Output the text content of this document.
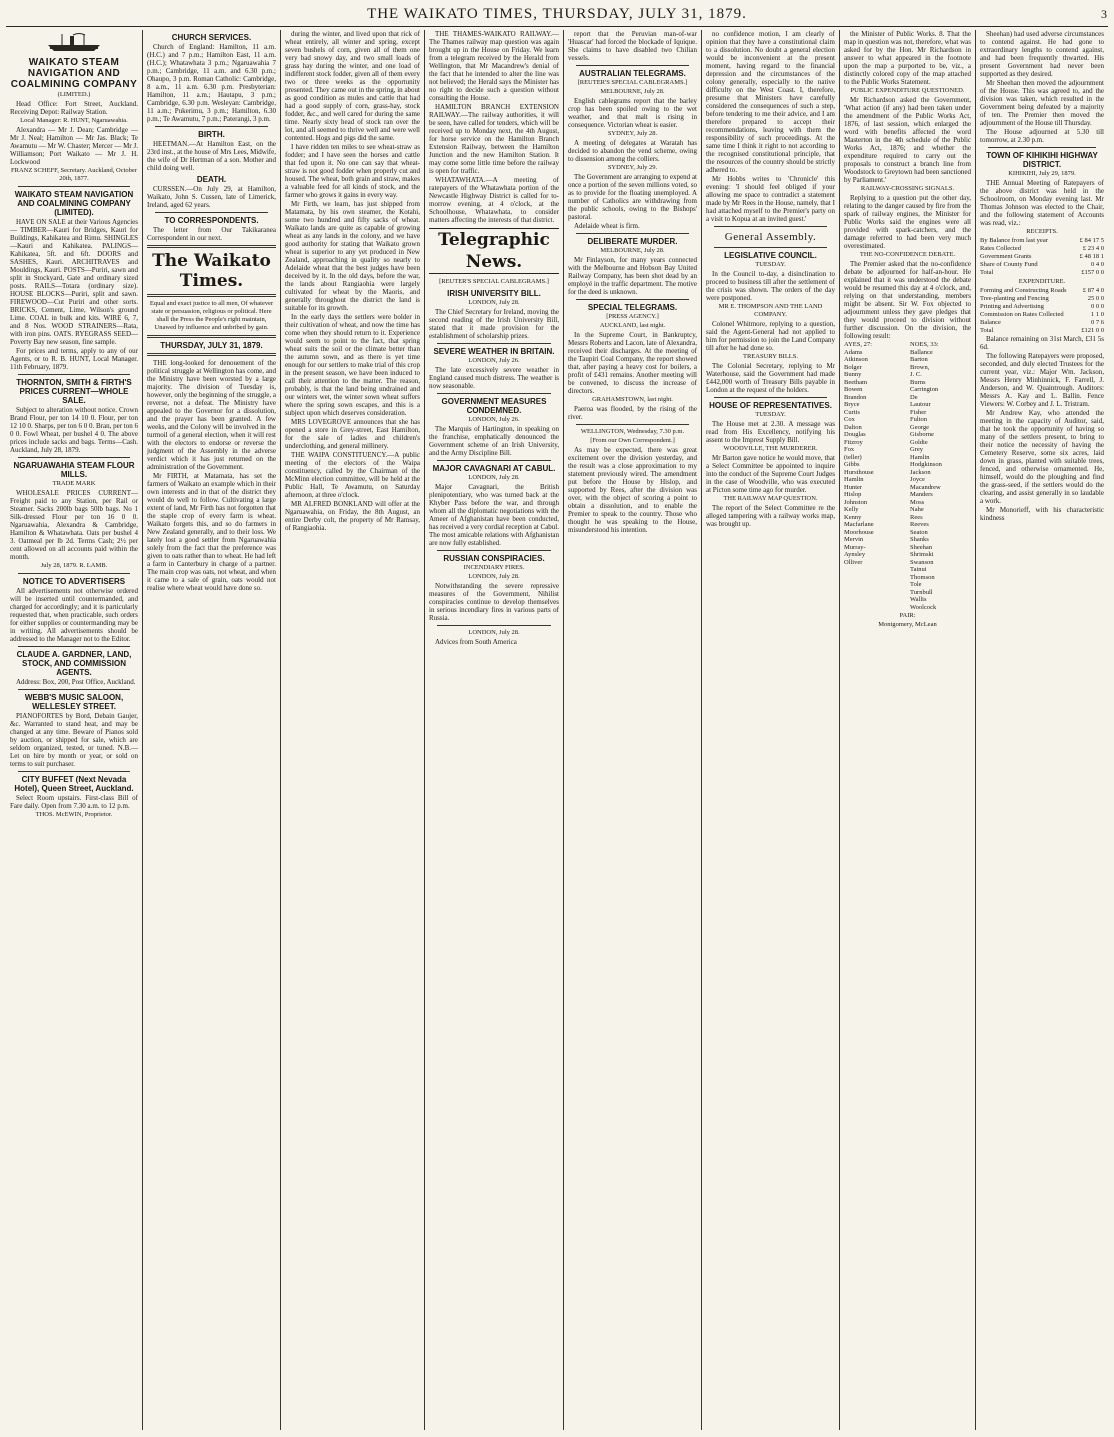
THE WAIKATO TIMES, THURSDAY, JULY 31, 1879.	3
WAIKATO STEAM NAVIGATION AND COALMINING COMPANY
(LIMITED.)

Head Office: Fort Street, Auckland. Receiving Depot: Railway Station.

Local Manager: R. HUNT, Ngaruawahia.

Alexandra — Mr J. Dean; Cambridge — Mr J. Neal; Hamilton — Mr Jas. Black; Te Awamutu — Mr W. Chaster; Mercer — Mr J. Williamson; Port Waikato — Mr J. H. Lockwood

FRANZ SCHEFF, Secretary. Auckland, October 20th, 1877.

WAIKATO STEAM NAVIGATION AND COALMINING COMPANY (LIMITED).

HAVE ON SALE at their Various Agencies— TIMBER—Kauri for Bridges, Kauri for Buildings, Kahikatea and Rimu. SHINGLES—Kauri and Kahikatea. PALINGS—Kahikatea, 5ft. and 6ft. DOORS and SASHES, Kauri. ARCHITRAVES and Mouldings, Kauri. POSTS—Puriri, sawn and split in Stockyard, Gate and ordinary sized posts. RAILS—Totara (ordinary size). HOUSE BLOCKS—Puriri, split and sawn. FIREWOOD—Cut Puriri and other sorts. BRICKS, Cement, Lime, Wilson's ground Lime. COAL in bulk and kits. WIRE 6, 7, and 8 Nos. WOOD STRAINERS—Rata, with iron pins. OATS. RYEGRASS SEED—Poverty Bay new season, fine sample.

For prices and terms, apply to any of our Agents, or to R. B. HUNT, Local Manager. 11th February, 1879.

THORNTON, SMITH & FIRTH'S PRICES CURRENT—WHOLE SALE.

Subject to alteration without notice. Crown Brand Flour, per ton 14 10 0. Flour, per ton 12 10 0. Sharps, per ton 6 0 0. Bran, per ton 6 0 0. Fowl Wheat, per bushel 4 0. The above prices include sacks and bags. Terms—Cash. Auckland, July 28, 1879.

NGARUAWAHIA STEAM FLOUR MILLS.
TRADE MARK

WHOLESALE PRICES CURRENT— Freight paid to any Station, per Rail or Steamer. Sacks 200lb bags 50lb bags. No 1 Silk-dressed Flour per ton 16 0 0. Ngaruawahia, Alexandra & Cambridge, Hamilton & Whatawhata. Oats per bushel 4 3. Oatmeal per lb 2d. Terms Cash; 2½ per cent allowed on all accounts paid within the month.

July 28, 1879. R. LAMB.

NOTICE TO ADVERTISERS

All advertisements not otherwise ordered will be inserted until countermanded, and charged for accordingly; and it is particularly requested that, when practicable, such orders for either supplies or countermanding may be in writing. All advertisements should be addressed to the Manager not to the Editor.

CLAUDE A. GARDNER, LAND, STOCK, AND COMMISSION AGENTS.

Address: Box, 200, Post Office, Auckland.

WEBB'S MUSIC SALOON, WELLESLEY STREET.

PIANOFORTES by Bord, Debain Gaujer, &c. Warranted to stand heat, and may be changed at any time. Beware of Pianos sold by auction, or shipped for sale, which are seldom organized, tested, or tuned. N.B.—Let on hire by month or year, or sold on terms to suit purchaser.

CITY BUFFET (Next Nevada Hotel), Queen Street, Auckland.

Select Room upstairs. First-class Bill of Fare daily. Open from 7.30 a.m. to 12 p.m.

THOS. McEWIN, Proprietor.

CHURCH SERVICES.

Church of England: Hamilton, 11 a.m. (H.C.) and 7 p.m.; Hamilton East, 11 a.m. (H.C.); Whatawhata 3 p.m.; Ngaruawahia 7 p.m.; Cambridge, 11 a.m. and 6.30 p.m.; Ohaupo, 3 p.m. Roman Catholic: Cambridge, 8 a.m., 11 a.m. 6.30 p.m. Presbyterian: Hamilton, 11 a.m.; Hautapu, 3 p.m.; Cambridge, 6.30 p.m. Wesleyan: Cambridge, 11 a.m.; Pukerimu, 3 p.m.; Hamilton, 6.30 p.m.; Te Awamutu, 7 p.m.; Paterangi, 3 p.m.

BIRTH.

HEETMAN.—At Hamilton East, on the 23rd inst., at the house of Mrs Lees, Midwife, the wife of Dr Hertman of a son. Mother and child doing well.

DEATH.

CURSSEN.—On July 29, at Hamilton, Waikato, John S. Cussen, late of Limerick, Ireland, aged 62 years.

TO CORRESPONDENTS.

The letter from Our Takikaranea Correspondent in our next.

The Waikato Times.

Equal and exact justice to all men, Of whatever state or persuasion, religious or political. Here shall the Press the People's right maintain, Unawed by influence and unbribed by gain.

THURSDAY, JULY 31, 1879.

THE long-looked for denouement of the political struggle at Wellington has come, and the Ministry have been worsted by a large majority. The division of Tuesday is, however, only the beginning of the struggle, a reverse, not a defeat. The Ministry have appealed to the Governor for a dissolution, and the prayer has been granted. A few weeks, and the Colony will be involved in the turmoil of a general election, when it will rest with the electors to endorse or reverse the judgment of the Assembly in the adverse verdict which it has just returned on the administration of the Government.

Mr FIRTH, at Matamata, has set the farmers of Waikato an example which in their own interests and in that of the district they would do well to follow. Cultivating a large extent of land, Mr Firth has not forgotten that the staple crop of every farm is wheat. Waikato forgets this, and so do farmers in New Zealand generally, and to their loss. We lately lost a good settler from Ngaruawahia solely from the fact that the preference was given to oats rather than to wheat. He had left a farm in Canterbury in charge of a partner. The main crop was oats, not wheat, and when it came to a sale of grain, oats would not realise where wheat would have done so.

during the winter, and lived upon that rick of wheat entirely, all winter and spring, except seven bushels of corn, given all of them one very bad snowy day, and two small loads of grass hay during the winter, and one load of indifferent stock fodder, given all of them every two or three weeks as the opportunity presented. They came out in the spring, in about as good condition as mules and cattle that had had a good supply of corn, grass-hay, stock fodder, &c., and well cared for during the same time. Nearly sixty head of stock ran over the lot, and all seemed to thrive well and were well contented. Hogs and pigs did the same.

I have ridden ten miles to see wheat-straw as fodder; and I have seen the horses and cattle that fed upon it. No one can say that wheat-straw is not good fodder when properly cut and housed. The wheat, both grain and straw, makes a valuable feed for all kinds of stock, and the farmer who grows it gains in every way.

Mr Firth, we learn, has just shipped from Matamata, by his own steamer, the Kotahi, some two hundred and fifty sacks of wheat. Waikato lands are quite as capable of growing wheat as any lands in the colony, and we have good authority for stating that Waikato grown wheat is superior to any yet produced in New Zealand, approaching in quality so nearly to Adelaide wheat that the best judges have been deceived by it. In the old days, before the war, the lands about Rangiaohia were largely cultivated for wheat by the Maoris, and generally throughout the district the land is suitable for its growth.

In the early days the settlers were bolder in their cultivation of wheat, and now the time has come when they should return to it. Experience would seem to point to the fact, that spring wheat suits the soil or the climate better than the autumn sown, and as there is yet time enough for our settlers to make trial of this crop in the present season, we have been induced to call their attention to the matter. The reason, probably, is that the land being undrained and our winters wet, the winter sown wheat suffers where the spring sown escapes, and this is a subject upon which deserves consideration.

MRS LOVEGROVE announces that she has opened a store in Grey-street, East Hamilton, for the sale of ladies and children's underclothing, and general millinery.

THE WAIPA CONSTITUENCY.—A public meeting of the electors of the Waipa constituency, called by the Chairman of the McMinn election committee, will be held at the Public Hall, Te Awamutu, on Saturday afternoon, at three o'clock.

MR ALFRED BONKLAND will offer at the Ngaruawahia, on Friday, the 8th August, an entire Derby colt, the property of Mr Ramsay, of Rangiaohia.

THE THAMES-WAIKATO RAILWAY.—The Thames railway map question was again brought up in the House on Friday. We learn from a telegram received by the Herald from Wellington, that Mr Macandrew's denial of the fact that he intended to alter the line was not believed; the Herald says the Minister has no right to decide such a question without consulting the House.

HAMILTON BRANCH EXTENSION RAILWAY.—The railway authorities, it will be seen, have called for tenders, which will be received up to Monday next, the 4th August, for horse service on the Hamilton Branch Extension Railway, between the Hamilton Junction and the new Hamilton Station. It may come some little time before the railway is open for traffic.

WHATAWHATA.—A meeting of ratepayers of the Whatawhata portion of the Newcastle Highway District is called for to-morrow evening, at 4 o'clock, at the Schoolhouse, Whatawhata, to consider matters affecting the interests of that district.

Telegraphic News.
[REUTER'S SPECIAL CABLEGRAMS.]
IRISH UNIVERSITY BILL.
LONDON, July 28.

The Chief Secretary for Ireland, moving the second reading of the Irish University Bill, stated that it made provision for the establishment of scholarship prizes.

SEVERE WEATHER IN BRITAIN.
LONDON, July 26.

The late excessively severe weather in England caused much distress. The weather is now seasonable.

GOVERNMENT MEASURES CONDEMNED.
LONDON, July 26.

The Marquis of Hartington, in speaking on the franchise, emphatically denounced the Government scheme of an Irish University, and the Army Discipline Bill.

MAJOR CAVAGNARI AT CABUL.
LONDON, July 28.

Major Cavagnari, the British plenipotentiary, who was turned back at the Khyber Pass before the war, and through whom all the diplomatic negotiations with the Ameer of Afghanistan have been conducted, has received a very cordial reception at Cabul. The most amicable relations with Afghanistan are now fully established.

RUSSIAN CONSPIRACIES.
INCENDIARY FIRES.
LONDON, July 28.

Notwithstanding the severe repressive measures of the Government, Nihilist conspiracies continue to develop themselves in serious incendiary fires in various parts of Russia.

LONDON, July 28.

Advices from South America

report that the Peruvian man-of-war 'Huascar' had forced the blockade of Iquique. She claims to have disabled two Chilian vessels.

AUSTRALIAN TELEGRAMS.
[REUTER'S SPECIAL CABLEGRAMS.]
MELBOURNE, July 28.

English cablegrams report that the barley crop has been spoiled owing to the wet weather, and that malt is rising in consequence. Victorian wheat is easier.

SYDNEY, July 28.

A meeting of delegates at Waratah has decided to abandon the vend scheme, owing to dissension among the colliers.

SYDNEY, July 29.

The Government are arranging to expend at once a portion of the seven millions voted, so as to provide for the floating unemployed. A number of Catholics are withdrawing from the public schools, owing to the Bishops' pastoral.

Adelaide wheat is firm.

DELIBERATE MURDER.
MELBOURNE, July 28.

Mr Finlayson, for many years connected with the Melbourne and Hobson Bay United Railway Company, has been shot dead by an employé in the traffic department. The motive for the deed is unknown.

SPECIAL TELEGRAMS.
[PRESS AGENCY.]
AUCKLAND, last night.

In the Supreme Court, in Bankruptcy, Messrs Roberts and Lacon, late of Alexandra, received their discharges. At the meeting of the Taupiri Coal Company, the report showed that, after paying a heavy cost for boilers, a profit of £431 remains. Another meeting will be convened, to discuss the increase of directors.

GRAHAMSTOWN, last night.

Paeroa was flooded, by the rising of the river.

WELLINGTON, Wednesday, 7.30 p.m.
[From our Own Correspondent.]

As may be expected, there was great excitement over the division yesterday, and the result was a close approximation to my statement previously wired. The amendment put before the House by Hislop, and supported by Rees, after the division was over, with the object of scoring a point to obtain a dissolution, and to enable the Premier to speak to the country. Those who thought he was speaking to the House, misunderstood his intention.

no confidence motion, I am clearly of opinion that they have a constitutional claim to a dissolution. No doubt a general election would be inconvenient at the present moment, having regard to the financial depression and the circumstances of the colony generally, especially to the native difficulty on the West Coast. I, therefore, presume that Ministers have carefully considered the consequences of such a step, before tendering to me their advice, and I am therefore prepared to accept their recommendations, leaving with them the responsibility of such proceedings. At the same time I think it right to not according to the recognised constitutional principle, that the resources of the country should be strictly adhered to.

Mr Hobbs writes to 'Chronicle' this evening: 'I should feel obliged if your allowing me space to contradict a statement made by Mr Rees in the House, namely, that I had attached myself to the Premier's party on a visit to Kopua at an invited guest.'

General Assembly.
LEGISLATIVE COUNCIL.
TUESDAY.

In the Council to-day, a disinclination to proceed to business till after the settlement of the crisis was shown. The orders of the day were postponed.

MR E. THOMPSON AND THE LAND COMPANY.

Colonel Whitmore, replying to a question, said the Agent-General had not applied to him for permission to join the Land Company till after he had done so.

TREASURY BILLS.

The Colonial Secretary, replying to Mr Waterhouse, said the Government had made £442,000 worth of Treasury Bills payable in London at the request of the holders.

HOUSE OF REPRESENTATIVES.
TUESDAY.

The House met at 2.30. A message was read from His Excellency, notifying his assent to the Imprest Supply Bill.

WOODVILLE, THE MURDERER.

Mr Barton gave notice he would move, that a Select Committee be appointed to inquire into the conduct of the Supreme Court Judges in the case of Woodville, who was executed at Picton some time ago for murder.

THE RAILWAY MAP QUESTION.

The report of the Select Committee re the alleged tampering with a railway works map, was brought up.

the Minister of Public Works. 8. That the map in question was not, therefore, what was asked for by the Hon. Mr Richardson in answer to what appeared in the footnote upon the map a purported to be, viz., a distinctly colored copy of the map attached to the Public Works Statement.

PUBLIC EXPENDITURE QUESTIONED.

Mr Richardson asked the Government, 'What action (if any) had been taken under the amendment of the Public Works Act, 1876, of last session, which enlarged the word with benefits affected the word Masterton in the 4th schedule of the Public Works Act, 1876; and whether the expenditure required to carry out the proposals to construct a branch line from Woodstock to Greytown had been sanctioned by Parliament.'

RAILWAY-CROSSING SIGNALS.

Replying to a question put the other day, relating to the danger caused by fire from the spark of railway engines, the Minister for Public Works said the engines were all provided with spark-catchers, and the damage referred to had been very much overestimated.

THE NO-CONFIDENCE DEBATE.

The Premier asked that the no-confidence debate be adjourned for half-an-hour. He explained that it was understood the debate would be resumed this day at 4 o'clock, and, relying on that understanding, members might be absent. Sir W. Fox objected to adjournment unless they gave pledges that they would proceed to division without further discussion. On the division, the following result:

AYES, 27:
Adams
Atkinson
Bolger
Bunny
Beetham
Bowen
Brandon
Bryce
Curtis
Cox
Dalton
Douglas
Fitzroy
Fox (teller)
Gibbs
Hursthouse
Hamlin
Hunter
Hislop
Johnston
Kelly
Kenny
Macfarlane
Moorhouse
Mervin
Murray-Aynsley
Olliver
NOES, 33:
Ballance
Barton
Brown, J. C.
Burns
Carrington
De Lautour
Fisher
Fulton
George
Gisborne
Goldie
Grey
Hamlin
Hodgkinson
Jackson
Joyce
Macandrew
Manders
Moss
Nahe
Rees
Reeves
Seaton
Shanks
Sheehan
Shrimski
Swanson
Tainui
Thomson
Tole
Turnbull
Wallis
Woolcock
PAIR:

Montgomery, McLean

Sheehan) had used adverse circumstances to contend against. He had gone to extraordinary lengths to contend against, and had been frequently thwarted. His present Government had never been supported as they desired.

Mr Sheehan then moved the adjournment of the House. This was agreed to, and the division was taken, which resulted in the Government being defeated by a majority of ten. The Premier then moved the adjournment of the House till Thursday.

The House adjourned at 5.30 till tomorrow, at 2.30 p.m.

TOWN OF KIHIKIHI HIGHWAY DISTRICT.
KIHIKIHI, July 29, 1879.

THE Annual Meeting of Ratepayers of the above district was held in the Schoolroom, on Monday evening last. Mr Thomas Johnson was elected to the Chair, and the following statement of Accounts was read, viz.:

RECEIPTS.
By Balance from last year	£ 84 17 5
Rates Collected	£ 23 4 0
Government Grants	£ 48 18 1
Share of County Fund	0 4 0
Total	£157 0 0
EXPENDITURE.
Forming and Constructing Roads	£ 87 4 0
Tree-planting and Fencing	25 0 0
Printing and Advertising	0 0 0
Commission on Rates Collected	1 1 0
Balance	0 7 6
Total	£121 0 0

Balance remaining on 31st March, £31 5s 6d.

The following Ratepayers were proposed, seconded, and duly elected Trustees for the current year, viz.: Major Wm. Jackson, Messrs Henry Minhinnick, F. Farrell, J. Anderson, and W. Quaintrough. Auditors: Messrs A. Kay and L. Ballin. Fence Viewers: W. Corbey and J. L. Tristram.

Mr Andrew Kay, who attended the meeting in the capacity of Auditor, said, that he took the opportunity of having so many of the settlers present, to bring to their notice the necessity of having the Cemetery Reserve, some six acres, laid down in grass, planted with suitable trees, fenced, and otherwise ornamented. He, himself, would do the ploughing and find the grass-seed, if the settlers would do the clearing, and assist generally in so laudable a work.

Mr Monorieff, with his characteristic kindness
